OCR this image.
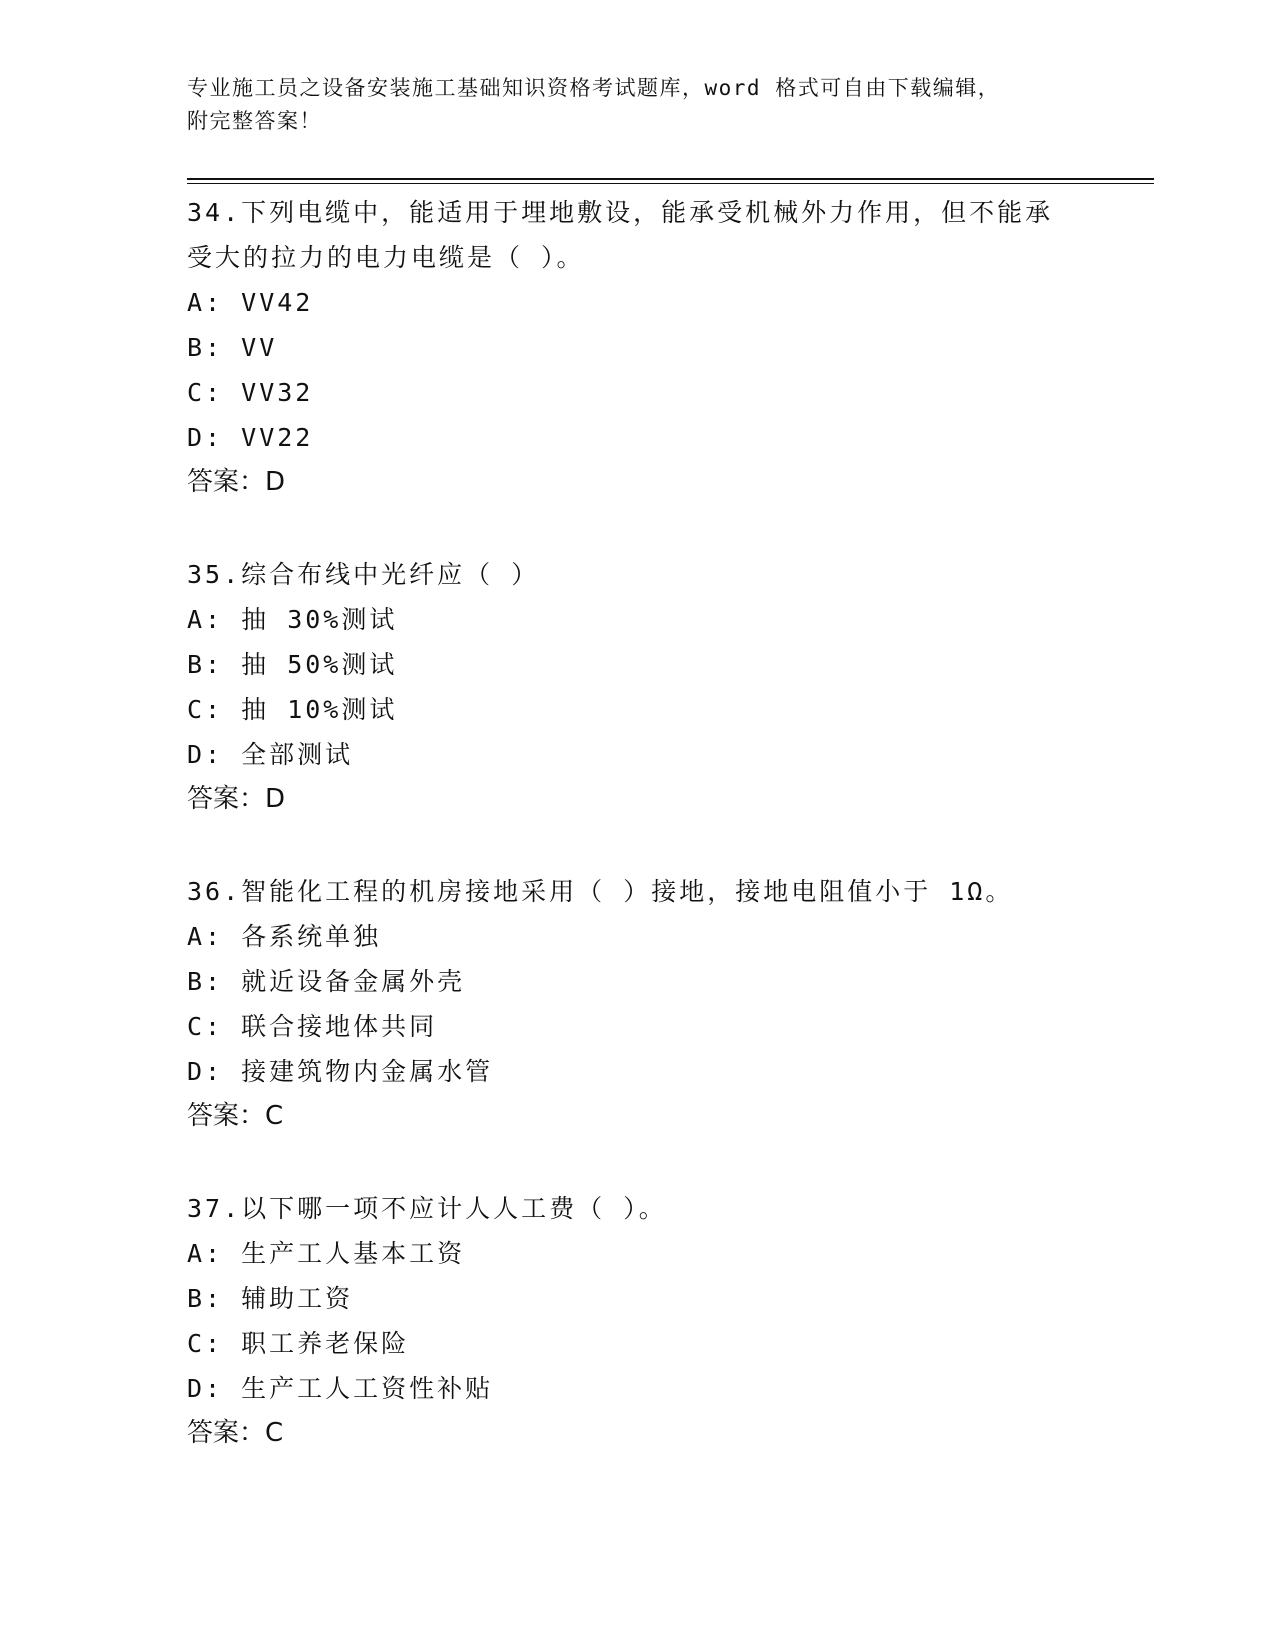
专业施工员之设备安装施工基础知识资格考试题库，word 格式可自由下载编辑，
附完整答案！

34.下列电缆中，能适用于埋地敷设，能承受机械外力作用，但不能承

受大的拉力的电力电缆是（ ）。

A: VV42

B: VV

C: VV32

D: VV22

答案：D

35.综合布线中光纤应（ ）

A: 抽 30%测试

B: 抽 50%测试

C: 抽 10%测试

D: 全部测试

答案：D

36.智能化工程的机房接地采用（ ）接地，接地电阻值小于 1Ω。

A: 各系统单独

B: 就近设备金属外壳

C: 联合接地体共同

D: 接建筑物内金属水管

答案：C

37.以下哪一项不应计人人工费（ ）。

A: 生产工人基本工资

B: 辅助工资

C: 职工养老保险

D: 生产工人工资性补贴

答案：C
